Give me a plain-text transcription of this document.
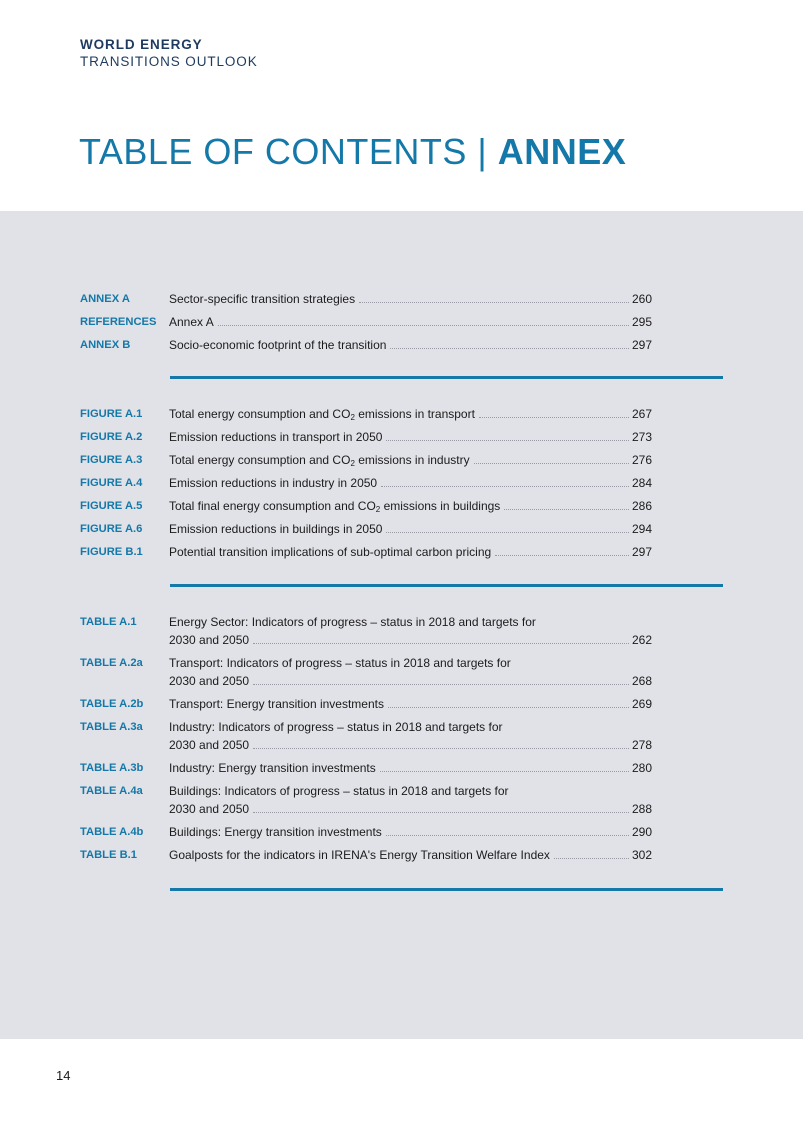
WORLD ENERGY
TRANSITIONS OUTLOOK
TABLE OF CONTENTS | ANNEX
ANNEX A	Sector-specific transition strategies	260
REFERENCES	Annex A	295
ANNEX B	Socio-economic footprint of the transition	297
FIGURE A.1	Total energy consumption and $CO_2$ emissions in transport	267
FIGURE A.2	Emission reductions in transport in 2050	273
FIGURE A.3	Total energy consumption and $CO_2$ emissions in industry	276
FIGURE A.4	Emission reductions in industry in 2050	284
FIGURE A.5	Total final energy consumption and $CO_2$ emissions in buildings	286
FIGURE A.6	Emission reductions in buildings in 2050	294
FIGURE B.1	Potential transition implications of sub-optimal carbon pricing	297
TABLE A.1	Energy Sector: Indicators of progress – status in 2018 and targets for
2030 and 2050	262
TABLE A.2a	Transport: Indicators of progress – status in 2018 and targets for
2030 and 2050	268
TABLE A.2b	Transport: Energy transition investments	269
TABLE A.3a	Industry: Indicators of progress – status in 2018 and targets for
2030 and 2050	278
TABLE A.3b	Industry: Energy transition investments	280
TABLE A.4a	Buildings: Indicators of progress – status in 2018 and targets for
2030 and 2050	288
TABLE A.4b	Buildings: Energy transition investments	290
TABLE B.1	Goalposts for the indicators in IRENA's Energy Transition Welfare Index	302
14
